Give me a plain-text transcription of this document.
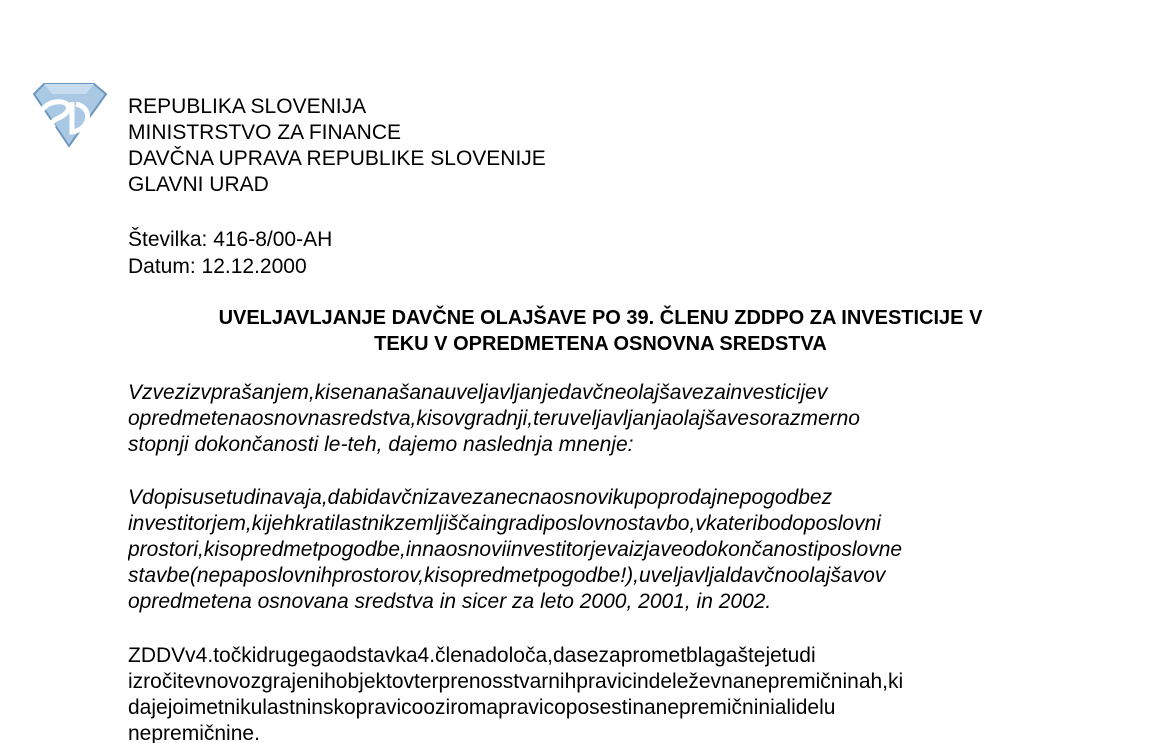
REPUBLIKA SLOVENIJA
MINISTRSTVO ZA FINANCE
DAVČNA UPRAVA REPUBLIKE SLOVENIJE
GLAVNI URAD
Številka: 416-8/00-AH
Datum: 12.12.2000
UVELJAVLJANJE DAVČNE OLAJŠAVE PO 39. ČLENU ZDDPO ZA INVESTICIJE V
TEKU V OPREDMETENA OSNOVNA SREDSTVA
Vzvezizvprašanjem,kisenanašanauveljavljanjedavčneolajšavezainvesticijev
opredmetenaosnovnasredstva,kisovgradnji,teruveljavljanjaolajšavesorazmerno
stopnji dokončanosti le-teh, dajemo naslednja mnenje:
Vdopisusetudinavaja,dabidavčnizavezanecnaosnovikupoprodajnepogodbez
investitorjem,kijehkratilastnikzemljiščaingradiposlovnostavbo,vkateribodoposlovni
prostori,kisopredmetpogodbe,innaosnoviinvestitorjevaizjaveodokončanostiposlovne
stavbe(nepaposlovnihprostorov,kisopredmetpogodbe!),uveljavljaldavčnoolajšavov
opredmetena osnovana sredstva in sicer za leto 2000, 2001, in 2002.
ZDDVv4.točkidrugegaodstavka4.členadoloča,dasezaprometblagaštejetudi
izročitevnovozgrajenihobjektovterprenosstvarnihpravicindeleževnanepremičninah,ki
dajejoimetnikulastninskopravicooziromapravicoposestinanepremičninialidelu
nepremičnine.
